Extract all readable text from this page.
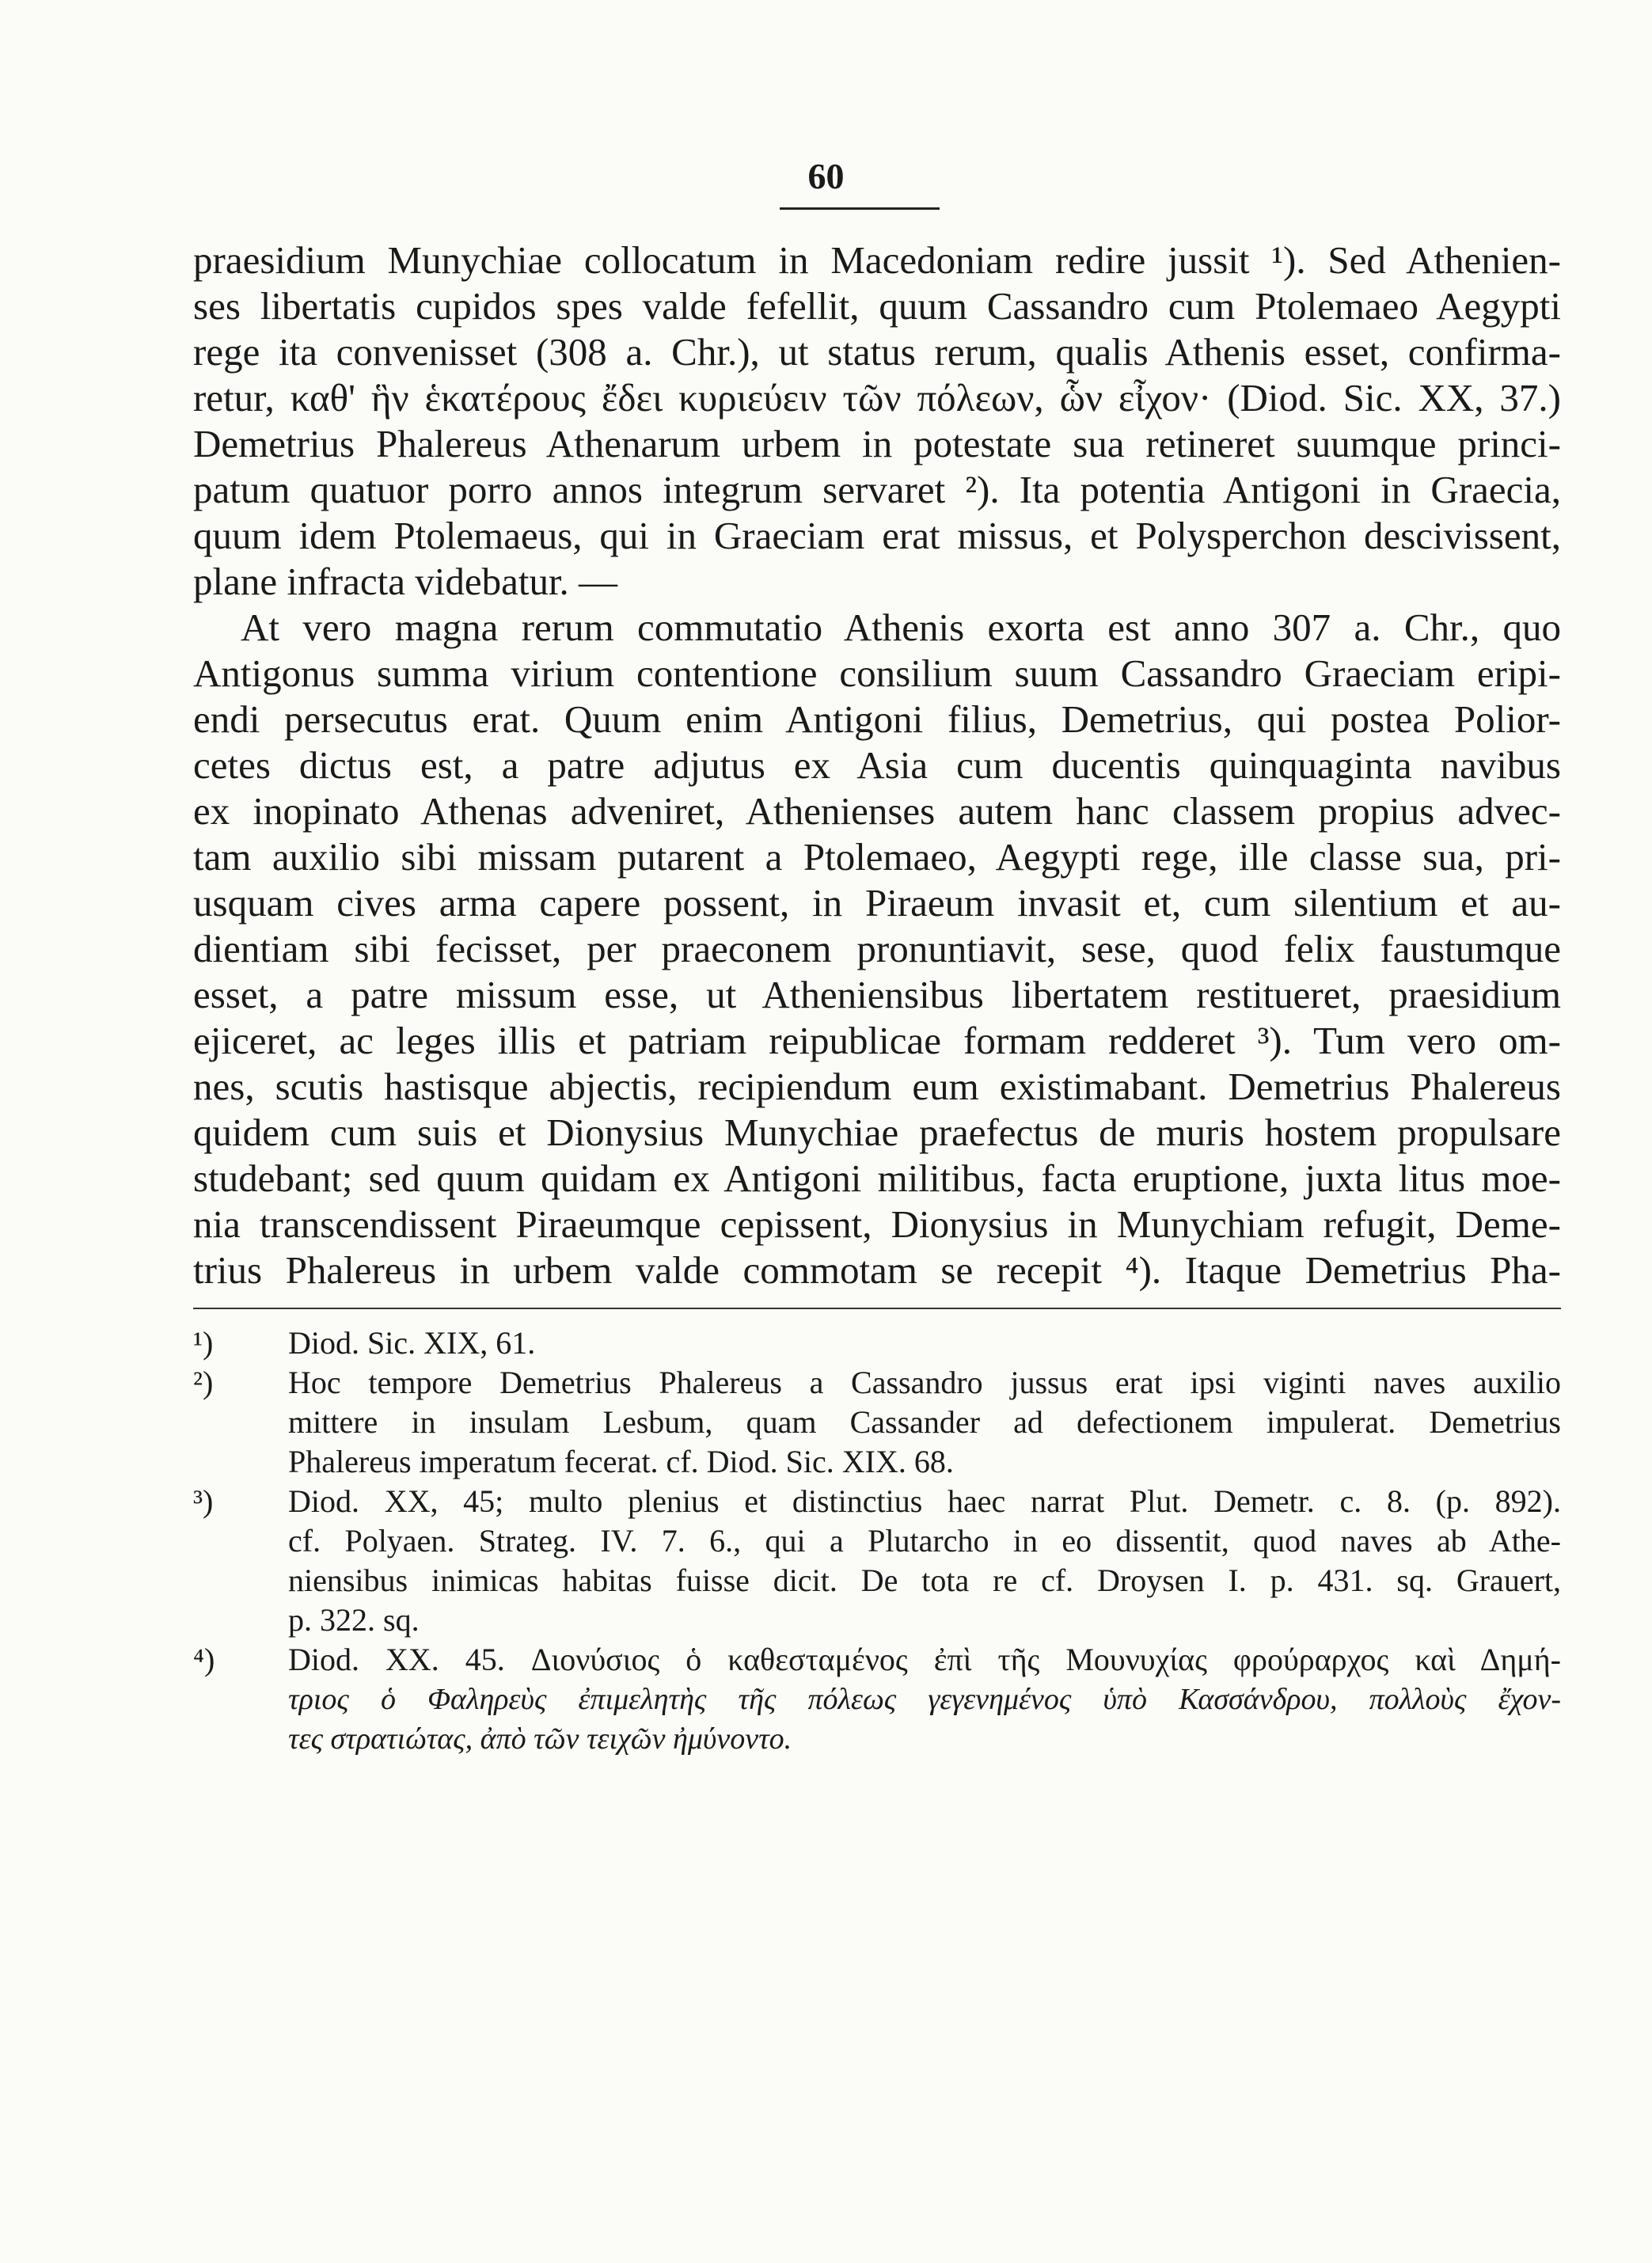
60
praesidium Munychiae collocatum in Macedoniam redire jussit ¹). Sed Athenien-
ses libertatis cupidos spes valde fefellit, quum Cassandro cum Ptolemaeo Aegypti
rege ita convenisset (308 a. Chr.), ut status rerum, qualis Athenis esset, confirma-
retur, καθ' ἣν ἑκατέρους ἔδει κυριεύειν τῶν πόλεων, ὧν εἶχον· (Diod. Sic. XX, 37.)
Demetrius Phalereus Athenarum urbem in potestate sua retineret suumque princi-
patum quatuor porro annos integrum servaret ²). Ita potentia Antigoni in Graecia,
quum idem Ptolemaeus, qui in Graeciam erat missus, et Polysperchon descivissent,
plane infracta videbatur. —
At vero magna rerum commutatio Athenis exorta est anno 307 a. Chr., quo
Antigonus summa virium contentione consilium suum Cassandro Graeciam eripi-
endi persecutus erat. Quum enim Antigoni filius, Demetrius, qui postea Polior-
cetes dictus est, a patre adjutus ex Asia cum ducentis quinquaginta navibus
ex inopinato Athenas adveniret, Athenienses autem hanc classem propius advec-
tam auxilio sibi missam putarent a Ptolemaeo, Aegypti rege, ille classe sua, pri-
usquam cives arma capere possent, in Piraeum invasit et, cum silentium et au-
dientiam sibi fecisset, per praeconem pronuntiavit, sese, quod felix faustumque
esset, a patre missum esse, ut Atheniensibus libertatem restitueret, praesidium
ejiceret, ac leges illis et patriam reipublicae formam redderet ³). Tum vero om-
nes, scutis hastisque abjectis, recipiendum eum existimabant. Demetrius Phalereus
quidem cum suis et Dionysius Munychiae praefectus de muris hostem propulsare
studebant; sed quum quidam ex Antigoni militibus, facta eruptione, juxta litus moe-
nia transcendissent Piraeumque cepissent, Dionysius in Munychiam refugit, Deme-
trius Phalereus in urbem valde commotam se recepit ⁴). Itaque Demetrius Pha-
¹)	Diod. Sic. XIX, 61.
²)	Hoc tempore Demetrius Phalereus a Cassandro jussus erat ipsi viginti naves auxilio
mittere in insulam Lesbum, quam Cassander ad defectionem impulerat. Demetrius
Phalereus imperatum fecerat. cf. Diod. Sic. XIX. 68.
³)	Diod. XX, 45; multo plenius et distinctius haec narrat Plut. Demetr. c. 8. (p. 892).
cf. Polyaen. Strateg. IV. 7. 6., qui a Plutarcho in eo dissentit, quod naves ab Athe-
niensibus inimicas habitas fuisse dicit. De tota re cf. Droysen I. p. 431. sq. Grauert,
p. 322. sq.
⁴)	Diod. XX. 45. Διονύσιος ὁ καθεσταμένος ἐπὶ τῆς Μουνυχίας φρούραρχος καὶ Δημή-
τριος ὁ Φαληρεὺς ἐπιμελητὴς τῆς πόλεως γεγενημένος ὑπὸ Κασσάνδρου, πολλοὺς ἔχον-
τες στρατιώτας, ἀπὸ τῶν τειχῶν ἠμύνοντο.
